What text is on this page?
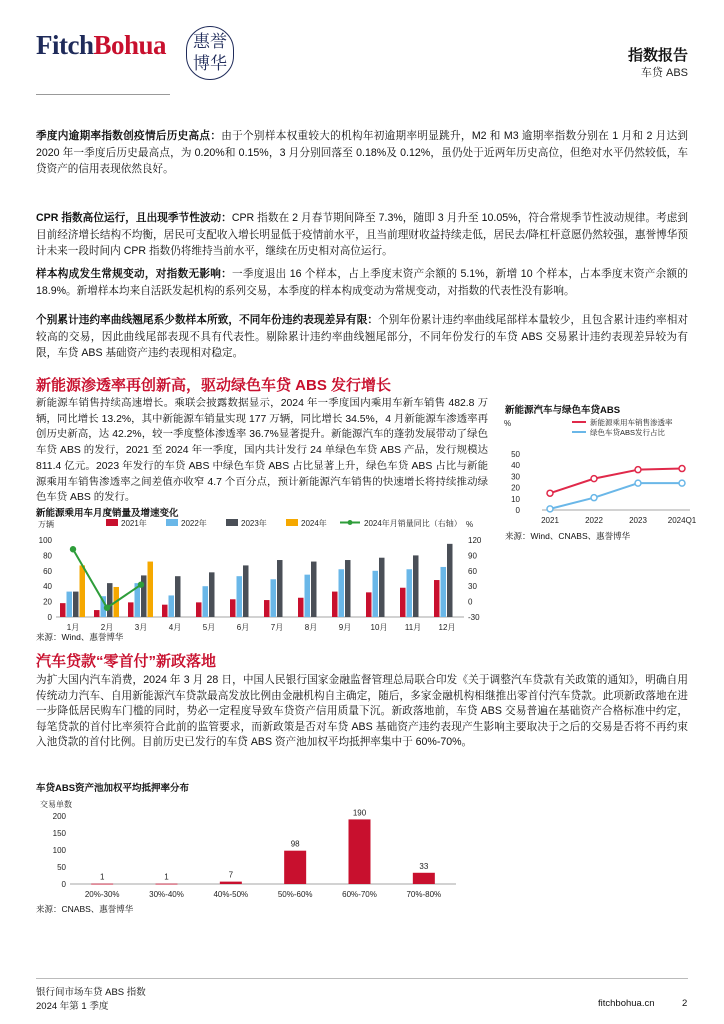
FitchBohua	惠誉
博华	指数报告
车贷 ABS
季度内逾期率指数创疫情后历史高点：由于个别样本权重较大的机构年初逾期率明显跳升，M2 和 M3 逾期率指数分别在 1 月和 2 月达到 2020 年一季度后历史最高点，为 0.20%和 0.15%，3 月分别回落至 0.18%及 0.12%，虽仍处于近两年历史高位，但绝对水平仍然较低，车贷资产的信用表现依然良好。
CPR 指数高位运行，且出现季节性波动：CPR 指数在 2 月春节期间降至 7.3%，随即 3 月升至 10.05%，符合常规季节性波动规律。考虑到目前经济增长结构不均衡，居民可支配收入增长明显低于疫情前水平，且当前理财收益持续走低，居民去/降杠杆意愿仍然较强，惠誉博华预计未来一段时间内 CPR 指数仍将维持当前水平，继续在历史相对高位运行。
样本构成发生常规变动，对指数无影响：一季度退出 16 个样本，占上季度末资产余额的 5.1%，新增 10 个样本，占本季度末资产余额的 18.9%。新增样本均来自活跃发起机构的系列交易，本季度的样本构成变动为常规变动，对指数的代表性没有影响。
个别累计违约率曲线翘尾系少数样本所致，不同年份违约表现差异有限：个别年份累计违约率曲线尾部样本量较少，且包含累计违约率相对较高的交易，因此曲线尾部表现不具有代表性。剔除累计违约率曲线翘尾部分，不同年份发行的车贷 ABS 交易累计违约表现差异较为有限，车贷 ABS 基础资产违约表现相对稳定。
新能源渗透率再创新高，驱动绿色车贷 ABS 发行增长
新能源车销售持续高速增长。乘联会披露数据显示，2024 年一季度国内乘用车新车销售 482.8 万辆，同比增长 13.2%，其中新能源车销量实现 177 万辆，同比增长 34.5%，4 月新能源车渗透率再创历史新高，达 42.2%，较一季度整体渗透率 36.7%显著提升。新能源汽车的蓬勃发展带动了绿色车贷 ABS 的发行，2021 至 2024 年一季度，国内共计发行 24 单绿色车贷 ABS 产品，发行规模达 811.4 亿元。2023 年发行的车贷 ABS 中绿色车贷 ABS 占比显著上升，绿色车贷 ABS 占比与新能源乘用车销售渗透率之间差值亦收窄 4.7 个百分点，预计新能源汽车销售的快速增长将持续推动绿色车贷 ABS 的发行。
新能源汽车与绿色车贷ABS
新能源乘用车销售渗透率
绿色车贷ABS发行占比
%
0
10
20
30
40
50
2021	2022	2023	2024Q1
来源：Wind、CNABS、惠誉博华
新能源乘用车月度销量及增速变化
万辆	%
2021年	2022年	2023年	2024年	2024年月销量同比（右轴）
0
20
40
60
80
100
-30
0
30
60
90
120
1月	2月	3月	4月	5月	6月	7月	8月	9月 10月 11月 12月
来源：Wind、惠誉博华
汽车贷款“零首付”新政落地
为扩大国内汽车消费，2024 年 3 月 28 日，中国人民银行国家金融监督管理总局联合印发《关于调整汽车贷款有关政策的通知》，明确自用传统动力汽车、自用新能源汽车贷款最高发放比例由金融机构自主确定，随后，多家金融机构相继推出零首付汽车贷款。此项新政落地在进一步降低居民购车门槛的同时，势必一定程度导致车贷资产信用质量下沉。新政落地前，车贷 ABS 交易普遍在基础资产合格标准中约定，每笔贷款的首付比率须符合此前的监管要求，而新政策是否对车贷 ABS 基础资产违约表现产生影响主要取决于之后的交易是否将不再约束入池贷款的首付比例。目前历史已发行的车贷 ABS 资产池加权平均抵押率集中于 60%-70%。
车贷ABS资产池加权平均抵押率分布
交易单数
0
50
100
150
200
1
20%-30%
1
30%-40%
7
40%-50%
98
50%-60%
190
60%-70%
33
70%-80%
来源：CNABS、惠誉博华
银行间市场车贷 ABS 指数
2024 年第 1 季度	fitchbohua.cn	2
